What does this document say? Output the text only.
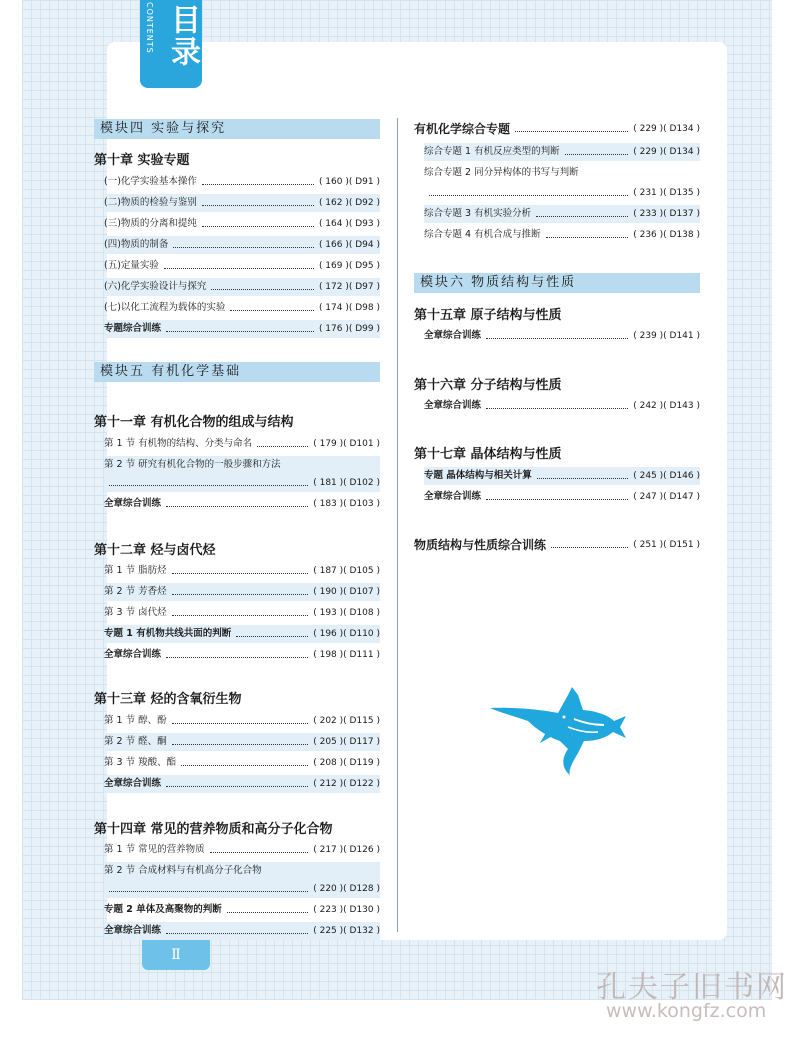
CONTENTS 目录
Ⅱ
模块四 实验与探究
第十章 实验专题
(一)化学实验基本操作	( 160 )( D91 )
(二)物质的检验与鉴别	( 162 )( D92 )
(三)物质的分离和提纯	( 164 )( D93 )
(四)物质的制备	( 166 )( D94 )
(五)定量实验	( 169 )( D95 )
(六)化学实验设计与探究	( 172 )( D97 )
(七)以化工流程为载体的实验	( 174 )( D98 )
专题综合训练	( 176 )( D99 )
模块五 有机化学基础
第十一章 有机化合物的组成与结构
第 1 节 有机物的结构、分类与命名	( 179 )( D101 )
第 2 节 研究有机化合物的一般步骤和方法
( 181 )( D102 )
全章综合训练	( 183 )( D103 )
第十二章 烃与卤代烃
第 1 节 脂肪烃	( 187 )( D105 )
第 2 节 芳香烃	( 190 )( D107 )
第 3 节 卤代烃	( 193 )( D108 )
专题 1 有机物共线共面的判断	( 196 )( D110 )
全章综合训练	( 198 )( D111 )
第十三章 烃的含氧衍生物
第 1 节 醇、酚	( 202 )( D115 )
第 2 节 醛、酮	( 205 )( D117 )
第 3 节 羧酸、酯	( 208 )( D119 )
全章综合训练	( 212 )( D122 )
第十四章 常见的营养物质和高分子化合物
第 1 节 常见的营养物质	( 217 )( D126 )
第 2 节 合成材料与有机高分子化合物
( 220 )( D128 )
专题 2 单体及高聚物的判断	( 223 )( D130 )
全章综合训练	( 225 )( D132 )
有机化学综合专题	( 229 )( D134 )
综合专题 1 有机反应类型的判断	( 229 )( D134 )
综合专题 2 同分异构体的书写与判断
( 231 )( D135 )
综合专题 3 有机实验分析	( 233 )( D137 )
综合专题 4 有机合成与推断	( 236 )( D138 )
模块六 物质结构与性质
第十五章 原子结构与性质
全章综合训练	( 239 )( D141 )
第十六章 分子结构与性质
全章综合训练	( 242 )( D143 )
第十七章 晶体结构与性质
专题 晶体结构与相关计算	( 245 )( D146 )
全章综合训练	( 247 )( D147 )
物质结构与性质综合训练	( 251 )( D151 )
孔夫子旧书网
www.kongfz.com
